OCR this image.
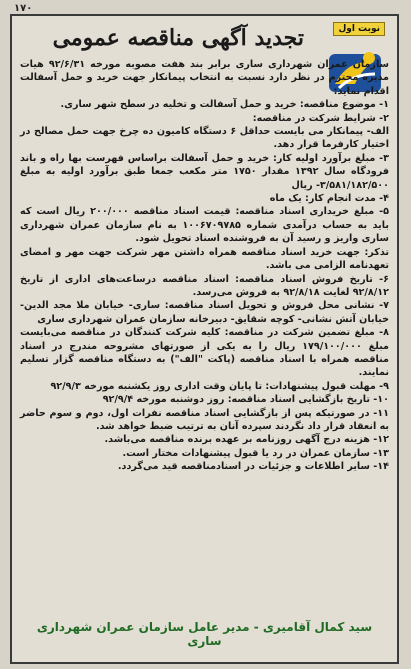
۱۷۰
نوبت اول
تجدید آگهی مناقصه عمومی

سازمان عمران شهرداری ساری برابر بند هفت مصوبه مورخه ۹۲/۶/۳۱ هیات مدیره محترم در نظر دارد نسبت به انتخاب پیمانکار جهت خرید و حمل آسفالت اقدام نماید:

۱- موضوع مناقصه: خرید و حمل آسفالت و تخلیه در سطح شهر ساری.

۲- شرایط شرکت در مناقصه:

الف- پیمانکار می بایست حداقل ۶ دستگاه کامیون ده چرخ جهت حمل مصالح در اختیار کارفرما قرار دهد.

۳- مبلغ برآورد اولیه کار: خرید و حمل آسفالت براساس فهرست بها راه و باند فرودگاه سال ۱۳۹۲ مقدار ۱۷۵۰ متر مکعب جمعا طبق برآورد اولیه به مبلغ ۳/۵۸۱/۱۸۲/۵۰۰- ریال

۴- مدت انجام کار: یک ماه

۵- مبلغ خریداری اسناد مناقصه: قیمت اسناد مناقصه ۲۰۰/۰۰۰ ریال است که باید به حساب درآمدی شماره ۱۰۰۶۷۰۹۷۸۵ به نام سازمان عمران شهرداری ساری واریز و رسید آن به فروشنده اسناد تحویل شود.

تذکر: جهت خرید اسناد مناقصه همراه داشتن مهر شرکت جهت مهر و امضای تعهدنامه الزامی می باشد.

۶- تاریخ فروش اسناد مناقصه: اسناد مناقصه درساعت‌های اداری از تاریخ ۹۲/۸/۱۲ لغایت ۹۲/۸/۱۸ به فروش می‌رسد.

۷- نشانی محل فروش و تحویل اسناد مناقصه: ساری- خیابان ملا مجد الدین- خیابان آتش نشانی- کوچه شقایق- دبیرخانه سازمان عمران شهرداری ساری

۸- مبلغ تضمین شرکت در مناقصه: کلیه شرکت کنندگان در مناقصه می‌بایست مبلغ ۱۷۹/۱۰۰/۰۰۰ ریال را به یکی از صورتهای مشروحه مندرج در اسناد مناقصه همراه با اسناد مناقصه (پاکت "الف") به دستگاه مناقصه گزار تسلیم نمایند.

۹- مهلت قبول پیشنهادات: تا پایان وقت اداری روز یکشنبه مورخه ۹۲/۹/۳

۱۰- تاریخ بازگشایی اسناد مناقصه: روز دوشنبه مورخه ۹۲/۹/۴

۱۱- در صورتیکه پس از بازگشایی اسناد مناقصه نفرات اول، دوم و سوم حاضر به انعقاد قرار داد نگردند سپرده آنان به ترتیب ضبط خواهد شد.

۱۲- هزینه درج آگهی روزنامه بر عهده برنده مناقصه می‌باشد.

۱۳- سازمان عمران در رد یا قبول پیشنهادات مختار است.

۱۴- سایر اطلاعات و جزئیات در اسنادمناقصه قید می‌گردد.

سید کمال آقامیری - مدیر عامل سازمان عمران شهرداری ساری
